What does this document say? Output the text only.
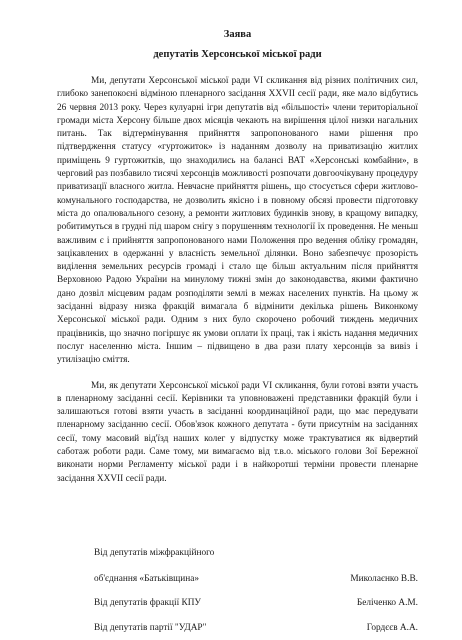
Заява

депутатів Херсонської міської ради

Ми, депутати Херсонської міської ради VI скликання від різних політичних сил, глибоко занепокоєні відміною пленарного засідання XXVII сесії ради, яке мало відбутись 26 червня 2013 року. Через кулуарні ігри депутатів від «більшості» члени територіальної громади міста Херсону більше двох місяців чекають на вирішення цілої низки нагальних питань. Так відтермінування прийняття запропонованого нами рішення про підтвердження статусу «гуртожиток» із наданням дозволу на приватизацію житлих приміщень 9 гуртожитків, що знаходились на балансі ВАТ «Херсонські комбайни», в черговий раз позбавило тисячі херсонців можливості розпочати довгоочікувану процедуру приватизації власного житла. Невчасне прийняття рішень, що стосується сфери житлово-комунального господарства, не дозволить якісно і в повному обсязі провести підготовку міста до опалювального сезону, а ремонти житлових будинків знову, в кращому випадку, робитимуться в грудні під шаром снігу з порушенням технології їх проведення. Не меньш важливим є і прийняття запропонованого нами Положення про ведення обліку громадян, зацікавлених в одержанні у власність земельної ділянки. Воно забезпечує прозорість виділення земельних ресурсів громаді і стало ще більш актуальним після прийняття Верховною Радою України на минулому тижні змін до законодавства, якими фактично дано дозвіл місцевим радам розподіляти землі в межах населених пунктів. На цьому ж засіданні відразу низка фракцій вимагала б відмінити декілька рішень Виконкому Херсонської міської ради. Одним з них було скорочено робочий тиждень медичних працівників, що значно погіршує як умови оплати їх праці, так і якість надання медичних послуг населенню міста. Іншим – підвищено в два рази плату херсонців за вивіз і утилізацію сміття.

Ми, як депутати Херсонської міської ради VI скликання, були готові взяти участь в пленарному засіданні сесії. Керівники та уповноважені представники фракцій були і залишаються готові взяти участь в засіданні координаційної ради, що має передувати пленарному засіданню сесії. Обов'язок кожного депутата - бути присутнім на засіданнях сесії, тому масовий від'їзд наших колег у відпустку може трактуватися як відвертий саботаж роботи ради. Саме тому, ми вимагаємо від т.в.о. міського голови Зої Бережної виконати норми Регламенту міської ради і в найкоротші терміни провести пленарне засідання XXVII сесії ради.

Від депутатів міжфракційного
об'єднання «Батьківщина»	Миколаєнко В.В.
Від депутатів фракції КПУ	Беліченко А.М.
Від депутатів партії "УДАР"	Гордєєв А.А.
